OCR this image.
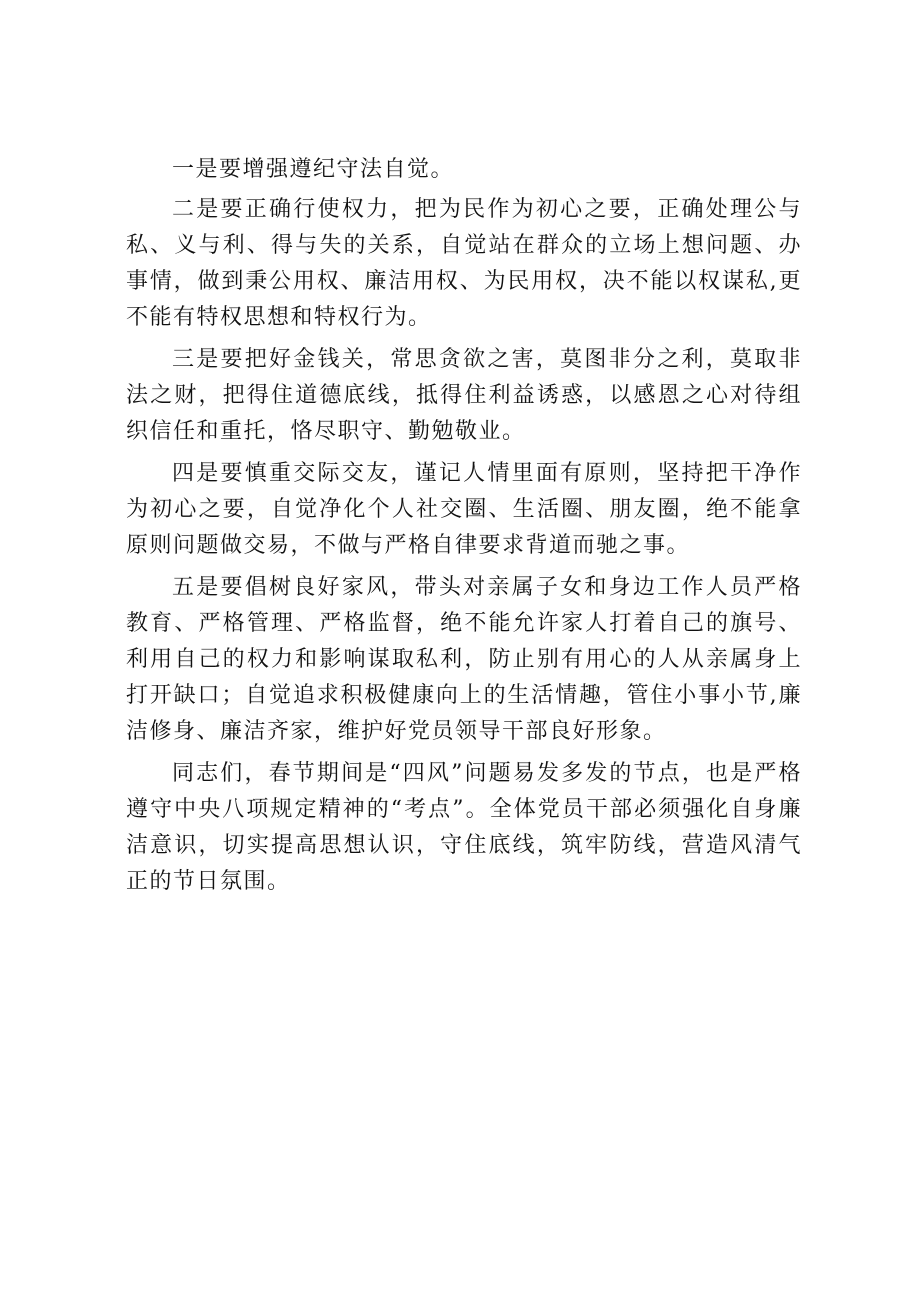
一是要增强遵纪守法自觉。

二是要正确行使权力，把为民作为初心之要，正确处理公与私、义与利、得与失的关系，自觉站在群众的立场上想问题、办事情，做到秉公用权、廉洁用权、为民用权，决不能以权谋私,更不能有特权思想和特权行为。

三是要把好金钱关，常思贪欲之害，莫图非分之利，莫取非法之财，把得住道德底线，抵得住利益诱惑，以感恩之心对待组织信任和重托，恪尽职守、勤勉敬业。

四是要慎重交际交友，谨记人情里面有原则，坚持把干净作为初心之要，自觉净化个人社交圈、生活圈、朋友圈，绝不能拿原则问题做交易，不做与严格自律要求背道而驰之事。

五是要倡树良好家风，带头对亲属子女和身边工作人员严格教育、严格管理、严格监督，绝不能允许家人打着自己的旗号、利用自己的权力和影响谋取私利，防止别有用心的人从亲属身上打开缺口；自觉追求积极健康向上的生活情趣，管住小事小节,廉洁修身、廉洁齐家，维护好党员领导干部良好形象。

同志们，春节期间是“四风”问题易发多发的节点，也是严格遵守中央八项规定精神的“考点”。全体党员干部必须强化自身廉洁意识，切实提高思想认识，守住底线，筑牢防线，营造风清气正的节日氛围。
